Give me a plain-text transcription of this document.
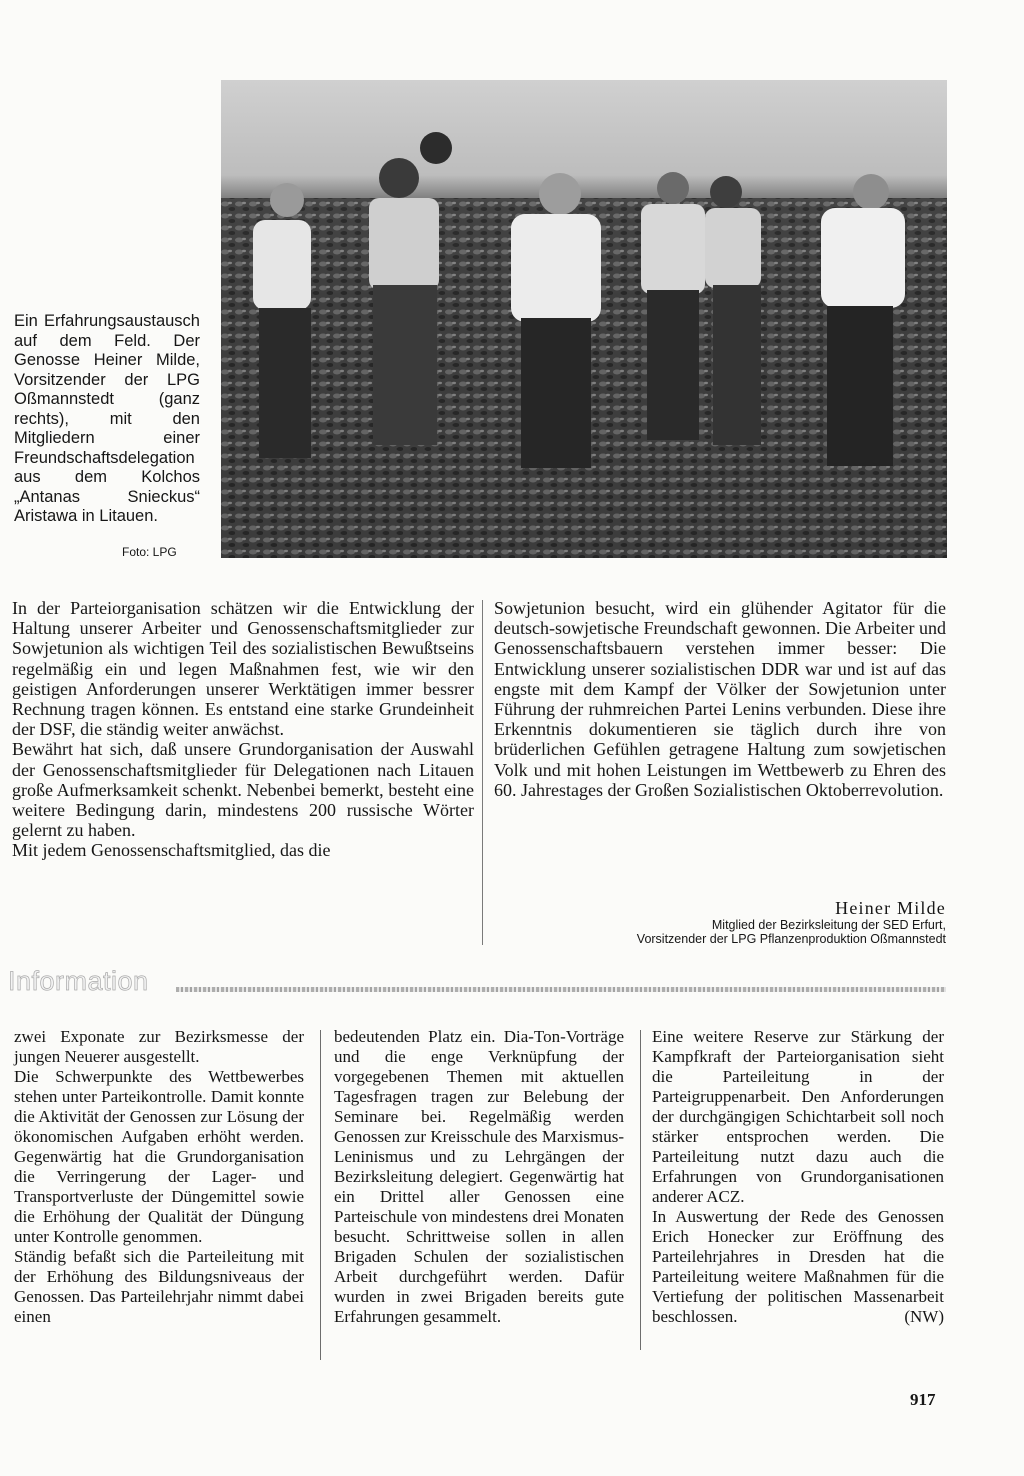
Ein Erfahrungsaustausch auf dem Feld. Der Genosse Heiner Milde, Vorsitzender der LPG Oßmannstedt (ganz rechts), mit den Mitgliedern einer Freundschaftsdelegation aus dem Kolchos „Antanas Snieckus“ Aristawa in Litauen.
Foto: LPG

In der Parteiorganisation schätzen wir die Entwicklung der Haltung unserer Arbeiter und Genossenschaftsmitglieder zur Sowjetunion als wichtigen Teil des sozialistischen Bewußtseins regelmäßig ein und legen Maßnahmen fest, wie wir den geistigen Anforderungen unserer Werktätigen immer bessrer Rechnung tragen können. Es entstand eine starke Grundeinheit der DSF, die ständig weiter anwächst.

Bewährt hat sich, daß unsere Grundorganisation der Auswahl der Genossenschaftsmitglieder für Delegationen nach Litauen große Aufmerksamkeit schenkt. Nebenbei bemerkt, besteht eine weitere Bedingung darin, mindestens 200 russische Wörter gelernt zu haben.

Mit jedem Genossenschaftsmitglied, das die

Sowjetunion besucht, wird ein glühender Agitator für die deutsch-sowjetische Freundschaft gewonnen. Die Arbeiter und Genossenschaftsbauern verstehen immer besser: Die Entwicklung unserer sozialistischen DDR war und ist auf das engste mit dem Kampf der Völker der Sowjetunion unter Führung der ruhmreichen Partei Lenins verbunden. Diese ihre Erkenntnis dokumentieren sie täglich durch ihre von brüderlichen Gefühlen getragene Haltung zum sowjetischen Volk und mit hohen Leistungen im Wettbewerb zu Ehren des 60. Jahrestages der Großen Sozialistischen Oktoberrevolution.

Heiner Milde
Mitglied der Bezirksleitung der SED Erfurt,
Vorsitzender der LPG Pflanzenproduktion Oßmannstedt
Information

zwei Exponate zur Bezirksmesse der jungen Neuerer ausgestellt.

Die Schwerpunkte des Wettbewerbes stehen unter Parteikontrolle. Damit konnte die Aktivität der Genossen zur Lösung der ökonomischen Aufgaben erhöht werden. Gegenwärtig hat die Grundorganisation die Verringerung der Lager- und Transportverluste der Düngemittel sowie die Erhöhung der Qualität der Düngung unter Kontrolle genommen.

Ständig befaßt sich die Parteileitung mit der Erhöhung des Bildungsniveaus der Genossen. Das Parteilehrjahr nimmt dabei einen

bedeutenden Platz ein. Dia-Ton-Vorträge und die enge Verknüpfung der vorgegebenen Themen mit aktuellen Tagesfragen tragen zur Belebung der Seminare bei. Regelmäßig werden Genossen zur Kreisschule des Marxismus-Leninismus und zu Lehrgängen der Bezirksleitung delegiert. Gegenwärtig hat ein Drittel aller Genossen eine Parteischule von mindestens drei Monaten besucht. Schrittweise sollen in allen Brigaden Schulen der sozialistischen Arbeit durchgeführt werden. Dafür wurden in zwei Brigaden bereits gute Erfahrungen gesammelt.

Eine weitere Reserve zur Stärkung der Kampfkraft der Parteiorganisation sieht die Parteileitung in der Parteigruppenarbeit. Den Anforderungen der durchgängigen Schichtarbeit soll noch stärker entsprochen werden. Die Parteileitung nutzt dazu auch die Erfahrungen von Grundorganisationen anderer ACZ.

In Auswertung der Rede des Genossen Erich Honecker zur Eröffnung des Parteilehrjahres in Dresden hat die Parteileitung weitere Maßnahmen für die Vertiefung der politischen Massenarbeit beschlossen.	(NW)
917
